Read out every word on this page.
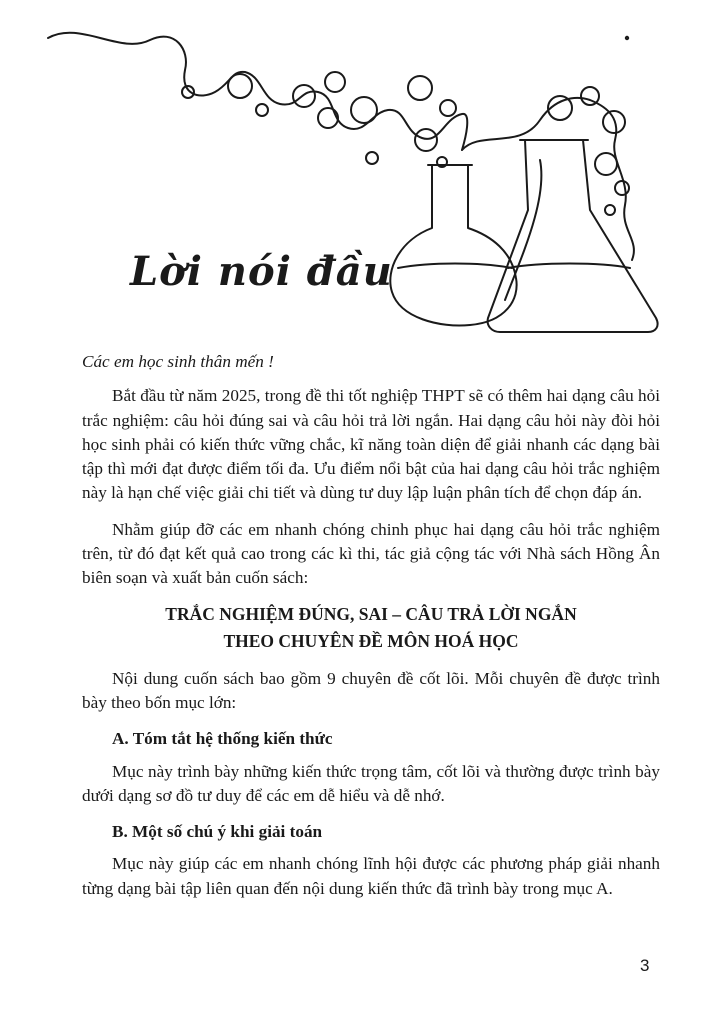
Lời nói đầu

Các em học sinh thân mến !

Bắt đầu từ năm 2025, trong đề thi tốt nghiệp THPT sẽ có thêm hai dạng câu hỏi trắc nghiệm: câu hỏi đúng sai và câu hỏi trả lời ngắn. Hai dạng câu hỏi này đòi hỏi học sinh phải có kiến thức vững chắc, kĩ năng toàn diện để giải nhanh các dạng bài tập thì mới đạt được điểm tối đa. Ưu điểm nổi bật của hai dạng câu hỏi trắc nghiệm này là hạn chế việc giải chi tiết và dùng tư duy lập luận phân tích để chọn đáp án.

Nhằm giúp đỡ các em nhanh chóng chinh phục hai dạng câu hỏi trắc nghiệm trên, từ đó đạt kết quả cao trong các kì thi, tác giả cộng tác với Nhà sách Hồng Ân biên soạn và xuất bản cuốn sách:

TRẮC NGHIỆM ĐÚNG, SAI – CÂU TRẢ LỜI NGẮN
THEO CHUYÊN ĐỀ MÔN HOÁ HỌC

Nội dung cuốn sách bao gồm 9 chuyên đề cốt lõi. Mỗi chuyên đề được trình bày theo bốn mục lớn:

A. Tóm tắt hệ thống kiến thức

Mục này trình bày những kiến thức trọng tâm, cốt lõi và thường được trình bày dưới dạng sơ đồ tư duy để các em dễ hiểu và dễ nhớ.

B. Một số chú ý khi giải toán

Mục này giúp các em nhanh chóng lĩnh hội được các phương pháp giải nhanh từng dạng bài tập liên quan đến nội dung kiến thức đã trình bày trong mục A.

3
